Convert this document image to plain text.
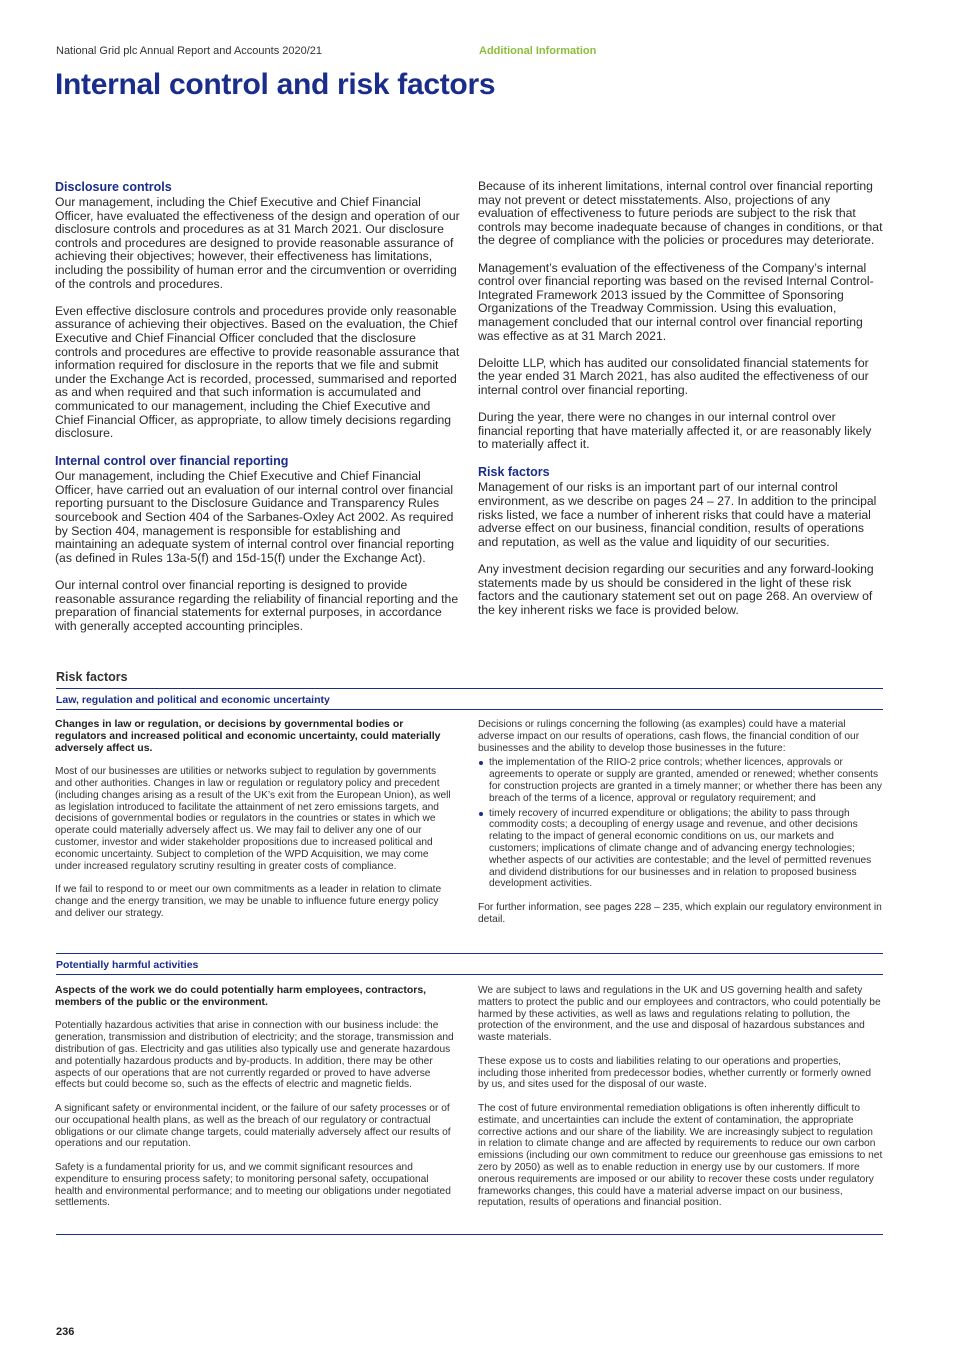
National Grid plc Annual Report and Accounts 2020/21	Additional Information
Internal control and risk factors
Disclosure controls

Our management, including the Chief Executive and Chief Financial Officer, have evaluated the effectiveness of the design and operation of our disclosure controls and procedures as at 31 March 2021. Our disclosure controls and procedures are designed to provide reasonable assurance of achieving their objectives; however, their effectiveness has limitations, including the possibility of human error and the circumvention or overriding of the controls and procedures.

Even effective disclosure controls and procedures provide only reasonable assurance of achieving their objectives. Based on the evaluation, the Chief Executive and Chief Financial Officer concluded that the disclosure controls and procedures are effective to provide reasonable assurance that information required for disclosure in the reports that we file and submit under the Exchange Act is recorded, processed, summarised and reported as and when required and that such information is accumulated and communicated to our management, including the Chief Executive and Chief Financial Officer, as appropriate, to allow timely decisions regarding disclosure.

Internal control over financial reporting

Our management, including the Chief Executive and Chief Financial Officer, have carried out an evaluation of our internal control over financial reporting pursuant to the Disclosure Guidance and Transparency Rules sourcebook and Section 404 of the Sarbanes-Oxley Act 2002. As required by Section 404, management is responsible for establishing and maintaining an adequate system of internal control over financial reporting (as defined in Rules 13a-5(f) and 15d-15(f) under the Exchange Act).

Our internal control over financial reporting is designed to provide reasonable assurance regarding the reliability of financial reporting and the preparation of financial statements for external purposes, in accordance with generally accepted accounting principles.

Because of its inherent limitations, internal control over financial reporting may not prevent or detect misstatements. Also, projections of any evaluation of effectiveness to future periods are subject to the risk that controls may become inadequate because of changes in conditions, or that the degree of compliance with the policies or procedures may deteriorate.

Management’s evaluation of the effectiveness of the Company’s internal control over financial reporting was based on the revised Internal Control-Integrated Framework 2013 issued by the Committee of Sponsoring Organizations of the Treadway Commission. Using this evaluation, management concluded that our internal control over financial reporting was effective as at 31 March 2021.

Deloitte LLP, which has audited our consolidated financial statements for the year ended 31 March 2021, has also audited the effectiveness of our internal control over financial reporting.

During the year, there were no changes in our internal control over financial reporting that have materially affected it, or are reasonably likely to materially affect it.

Risk factors

Management of our risks is an important part of our internal control environment, as we describe on pages 24 – 27. In addition to the principal risks listed, we face a number of inherent risks that could have a material adverse effect on our business, financial condition, results of operations and reputation, as well as the value and liquidity of our securities.

Any investment decision regarding our securities and any forward-looking statements made by us should be considered in the light of these risk factors and the cautionary statement set out on page 268. An overview of the key inherent risks we face is provided below.

Risk factors
Law, regulation and political and economic uncertainty

Changes in law or regulation, or decisions by governmental bodies or regulators and increased political and economic uncertainty, could materially adversely affect us.

Most of our businesses are utilities or networks subject to regulation by governments and other authorities. Changes in law or regulation or regulatory policy and precedent (including changes arising as a result of the UK’s exit from the European Union), as well as legislation introduced to facilitate the attainment of net zero emissions targets, and decisions of governmental bodies or regulators in the countries or states in which we operate could materially adversely affect us. We may fail to deliver any one of our customer, investor and wider stakeholder propositions due to increased political and economic uncertainty. Subject to completion of the WPD Acquisition, we may come under increased regulatory scrutiny resulting in greater costs of compliance.

If we fail to respond to or meet our own commitments as a leader in relation to climate change and the energy transition, we may be unable to influence future energy policy and deliver our strategy.

Decisions or rulings concerning the following (as examples) could have a material adverse impact on our results of operations, cash flows, the financial condition of our businesses and the ability to develop those businesses in the future:

the implementation of the RIIO-2 price controls; whether licences, approvals or agreements to operate or supply are granted, amended or renewed; whether consents for construction projects are granted in a timely manner; or whether there has been any breach of the terms of a licence, approval or regulatory requirement; and
timely recovery of incurred expenditure or obligations; the ability to pass through commodity costs; a decoupling of energy usage and revenue, and other decisions relating to the impact of general economic conditions on us, our markets and customers; implications of climate change and of advancing energy technologies; whether aspects of our activities are contestable; and the level of permitted revenues and dividend distributions for our businesses and in relation to proposed business development activities.

For further information, see pages 228 – 235, which explain our regulatory environment in detail.

Potentially harmful activities

Aspects of the work we do could potentially harm employees, contractors, members of the public or the environment.

Potentially hazardous activities that arise in connection with our business include: the generation, transmission and distribution of electricity; and the storage, transmission and distribution of gas. Electricity and gas utilities also typically use and generate hazardous and potentially hazardous products and by-products. In addition, there may be other aspects of our operations that are not currently regarded or proved to have adverse effects but could become so, such as the effects of electric and magnetic fields.

A significant safety or environmental incident, or the failure of our safety processes or of our occupational health plans, as well as the breach of our regulatory or contractual obligations or our climate change targets, could materially adversely affect our results of operations and our reputation.

Safety is a fundamental priority for us, and we commit significant resources and expenditure to ensuring process safety; to monitoring personal safety, occupational health and environmental performance; and to meeting our obligations under negotiated settlements.

We are subject to laws and regulations in the UK and US governing health and safety matters to protect the public and our employees and contractors, who could potentially be harmed by these activities, as well as laws and regulations relating to pollution, the protection of the environment, and the use and disposal of hazardous substances and waste materials.

These expose us to costs and liabilities relating to our operations and properties, including those inherited from predecessor bodies, whether currently or formerly owned by us, and sites used for the disposal of our waste.

The cost of future environmental remediation obligations is often inherently difficult to estimate, and uncertainties can include the extent of contamination, the appropriate corrective actions and our share of the liability. We are increasingly subject to regulation in relation to climate change and are affected by requirements to reduce our own carbon emissions (including our own commitment to reduce our greenhouse gas emissions to net zero by 2050) as well as to enable reduction in energy use by our customers. If more onerous requirements are imposed or our ability to recover these costs under regulatory frameworks changes, this could have a material adverse impact on our business, reputation, results of operations and financial position.

236
